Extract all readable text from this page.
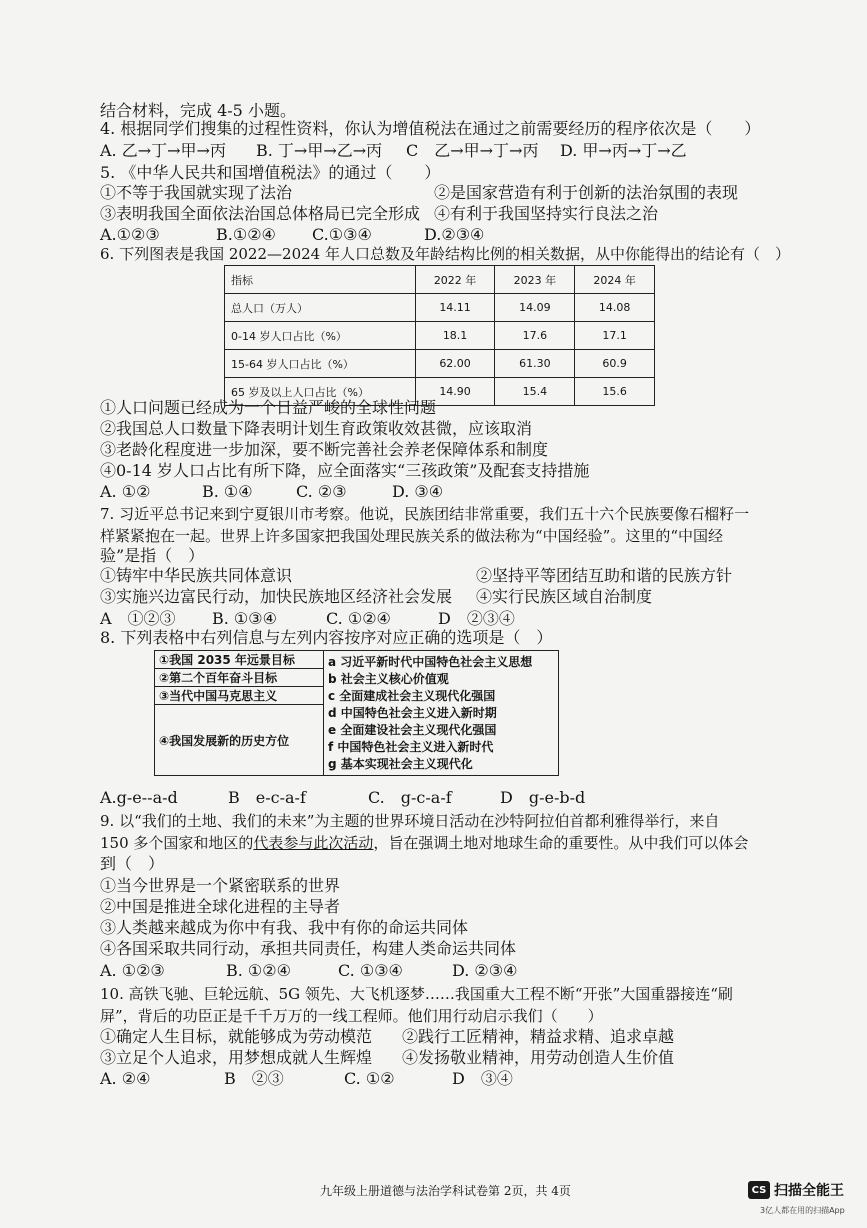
结合材料，完成 4-5 小题。
4. 根据同学们搜集的过程性资料，你认为增值税法在通过之前需要经历的程序依次是（　　）
A. 乙→丁→甲→丙 B. 丁→甲→乙→丙 C　乙→甲→丁→丙 D. 甲→丙→丁→乙
5. 《中华人民共和国增值税法》的通过（　　）
①不等于我国就实现了法治	②是国家营造有利于创新的法治氛围的表现
③表明我国全面依法治国总体格局已完全形成 ④有利于我国坚持实行良法之治
A.①②③	B.①②④ C.①③④	D.②③④
6. 下列图表是我国 2022—2024 年人口总数及年龄结构比例的相关数据，从中你能得出的结论有（　）
指标	2022 年	2023 年	2024 年
总人口（万人）	14.11	14.09	14.08
0-14 岁人口占比（%）	18.1	17.6	17.1
15-64 岁人口占比（%）	62.00	61.30	60.9
65 岁及以上人口占比（%）	14.90	15.4	15.6
①人口问题已经成为一个日益严峻的全球性问题
②我国总人口数量下降表明计划生育政策收效甚微，应该取消
③老龄化程度进一步加深，要不断完善社会养老保障体系和制度
④0-14 岁人口占比有所下降，应全面落实“三孩政策”及配套支持措施
A. ①②	B. ①④	C. ②③	D. ③④
7. 习近平总书记来到宁夏银川市考察。他说，民族团结非常重要，我们五十六个民族要像石榴籽一
样紧紧抱在一起。世界上许多国家把我国处理民族关系的做法称为“中国经验”。这里的“中国经
验”是指（　）
①铸牢中华民族共同体意识	②坚持平等团结互助和谐的民族方针
③实施兴边富民行动，加快民族地区经济社会发展 ④实行民族区域自治制度
A　①②③ B. ①③④	C. ①②④	D　②③④
8. 下列表格中右列信息与左列内容按序对应正确的选项是（　）
①我国 2035 年远景目标	a 习近平新时代中国特色社会主义思想
b 社会主义核心价值观
c 全面建成社会主义现代化强国
d 中国特色社会主义进入新时期
e 全面建设社会主义现代化强国
f 中国特色社会主义进入新时代
g 基本实现社会主义现代化

②第二个百年奋斗目标
③当代中国马克思主义
④我国发展新的历史方位
A.g-e--a-d	B　e-c-a-f	C.　g-c-a-f	D　g-e-b-d
9. 以“我们的土地、我们的未来”为主题的世界环境日活动在沙特阿拉伯首都利雅得举行，来自
150 多个国家和地区的代表参与此次活动，旨在强调土地对地球生命的重要性。从中我们可以体会
到（　）
①当今世界是一个紧密联系的世界
②中国是推进全球化进程的主导者
③人类越来越成为你中有我、我中有你的命运共同体
④各国采取共同行动，承担共同责任，构建人类命运共同体
A. ①②③	B. ①②④	C. ①③④	D. ②③④
10. 高铁飞驰、巨轮远航、5G 领先、大飞机逐梦……我国重大工程不断“开张”大国重器接连“刷
屏”，背后的功臣正是千千万万的一线工程师。他们用行动启示我们（　　）
①确定人生目标，就能够成为劳动模范 ②践行工匠精神，精益求精、追求卓越
③立足个人追求，用梦想成就人生辉煌 ④发扬敬业精神，用劳动创造人生价值
A. ②④	B　②③	C. ①②	D　③④
九年级上册道德与法治学科试卷第 2页，共 4页	CS 扫描全能王
3亿人都在用的扫描App
